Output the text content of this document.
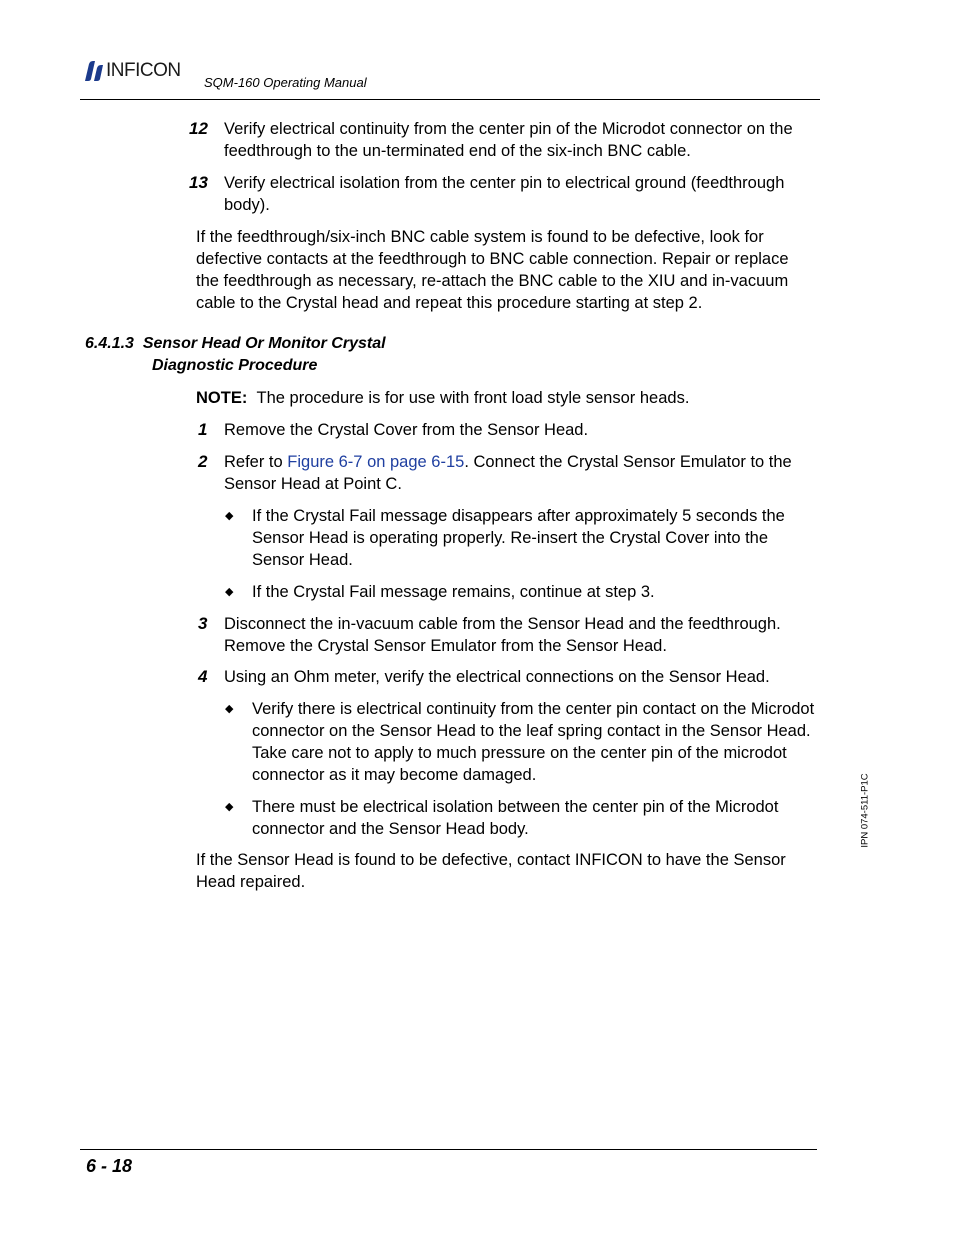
INFICON
SQM-160 Operating Manual
12 Verify electrical continuity from the center pin of the Microdot connector on the feedthrough to the un-terminated end of the six-inch BNC cable.
13 Verify electrical isolation from the center pin to electrical ground (feedthrough body).
If the feedthrough/six-inch BNC cable system is found to be defective, look for defective contacts at the feedthrough to BNC cable connection. Repair or replace the feedthrough as necessary, re-attach the BNC cable to the XIU and in-vacuum cable to the Crystal head and repeat this procedure starting at step 2.
6.4.1.3 Sensor Head Or Monitor Crystal
Diagnostic Procedure
NOTE: The procedure is for use with front load style sensor heads.
1 Remove the Crystal Cover from the Sensor Head.
2 Refer to Figure 6-7 on page 6-15. Connect the Crystal Sensor Emulator to the Sensor Head at Point C.
◆ If the Crystal Fail message disappears after approximately 5 seconds the Sensor Head is operating properly. Re-insert the Crystal Cover into the Sensor Head.
◆ If the Crystal Fail message remains, continue at step 3.
3 Disconnect the in-vacuum cable from the Sensor Head and the feedthrough. Remove the Crystal Sensor Emulator from the Sensor Head.
4 Using an Ohm meter, verify the electrical connections on the Sensor Head.
◆ Verify there is electrical continuity from the center pin contact on the Microdot connector on the Sensor Head to the leaf spring contact in the Sensor Head. Take care not to apply to much pressure on the center pin of the microdot connector as it may become damaged.
◆ There must be electrical isolation between the center pin of the Microdot connector and the Sensor Head body.
If the Sensor Head is found to be defective, contact INFICON to have the Sensor Head repaired.
IPN 074-511-P1C
6 - 18
